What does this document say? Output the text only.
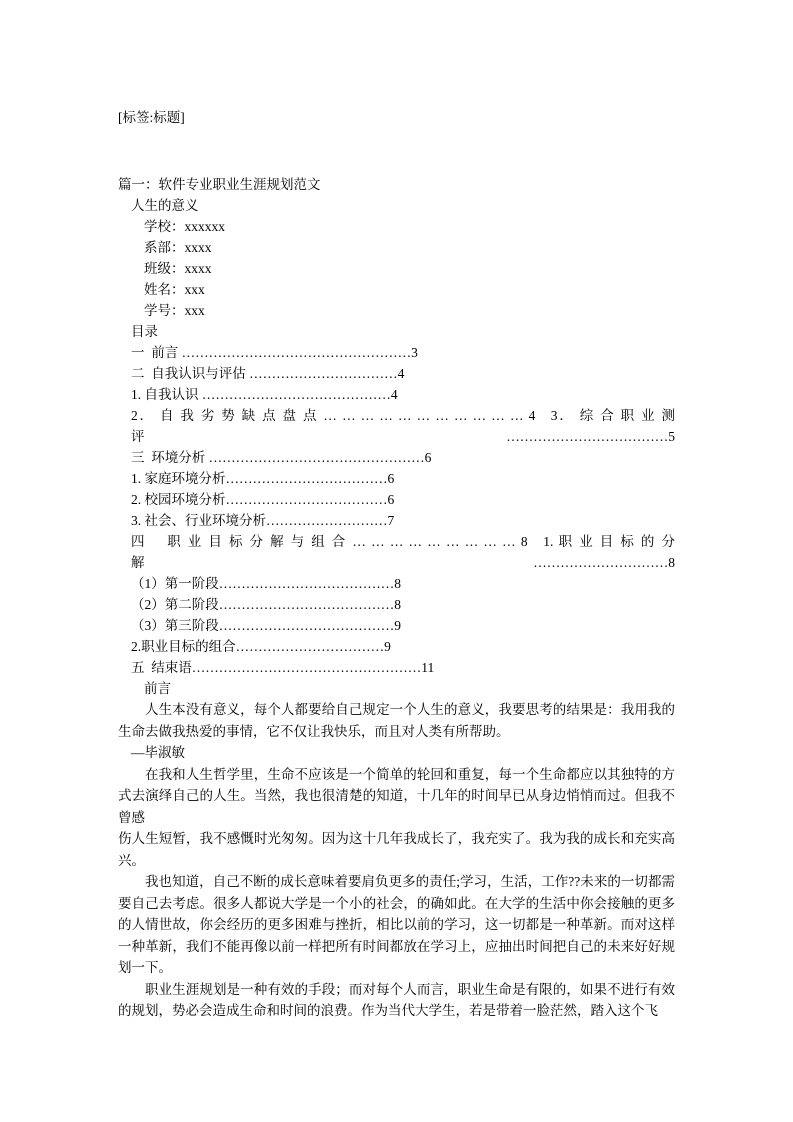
[标签:标题]
篇一：软件专业职业生涯规划范文
人生的意义
学校：xxxxxx
系部：xxxx
班级：xxxx
姓名：xxx
学号：xxx
目录
一  前言 ……………………………………………3
二  自我认识与评估 ……………………………4
1. 自我认识 ……………………………………4
2． 自 我 劣 势 缺 点 盘 点 … … … … … … … … … … … 4   3． 综 合 职 业 测评………………………………5
三  环境分析 …………………………………………6
1. 家庭环境分析………………………………6
2. 校园环境分析………………………………6
3. 社会、行业环境分析………………………7
四    职 业 目 标 分 解 与 组 合 … … … … … … … … … 8   1. 职 业 目 标 的 分解…………………………8
（1）第一阶段…………………………………8
（2）第二阶段…………………………………8
（3）第三阶段…………………………………9
2.职业目标的组合……………………………9
五  结束语……………………………………………11
前言

人生本没有意义，每个人都要给自己规定一个人生的意义，我要思考的结果是：我用我的生命去做我热爱的事情，它不仅让我快乐，而且对人类有所帮助。

—毕淑敏

在我和人生哲学里，生命不应该是一个简单的轮回和重复，每一个生命都应以其独特的方式去演绎自己的人生。当然，我也很清楚的知道，十几年的时间早已从身边悄悄而过。但我不曾感

伤人生短暂，我不感慨时光匆匆。因为这十几年我成长了，我充实了。我为我的成长和充实高兴。

我也知道，自己不断的成长意味着要肩负更多的责任;学习，生活，工作??未来的一切都需要自己去考虑。很多人都说大学是一个小的社会，的确如此。在大学的生活中你会接触的更多的人情世故，你会经历的更多困难与挫折，相比以前的学习，这一切都是一种革新。而对这样一种革新，我们不能再像以前一样把所有时间都放在学习上，应抽出时间把自己的未来好好规划一下。

职业生涯规划是一种有效的手段；而对每个人而言，职业生命是有限的，如果不进行有效的规划，势必会造成生命和时间的浪费。作为当代大学生，若是带着一脸茫然，踏入这个飞
